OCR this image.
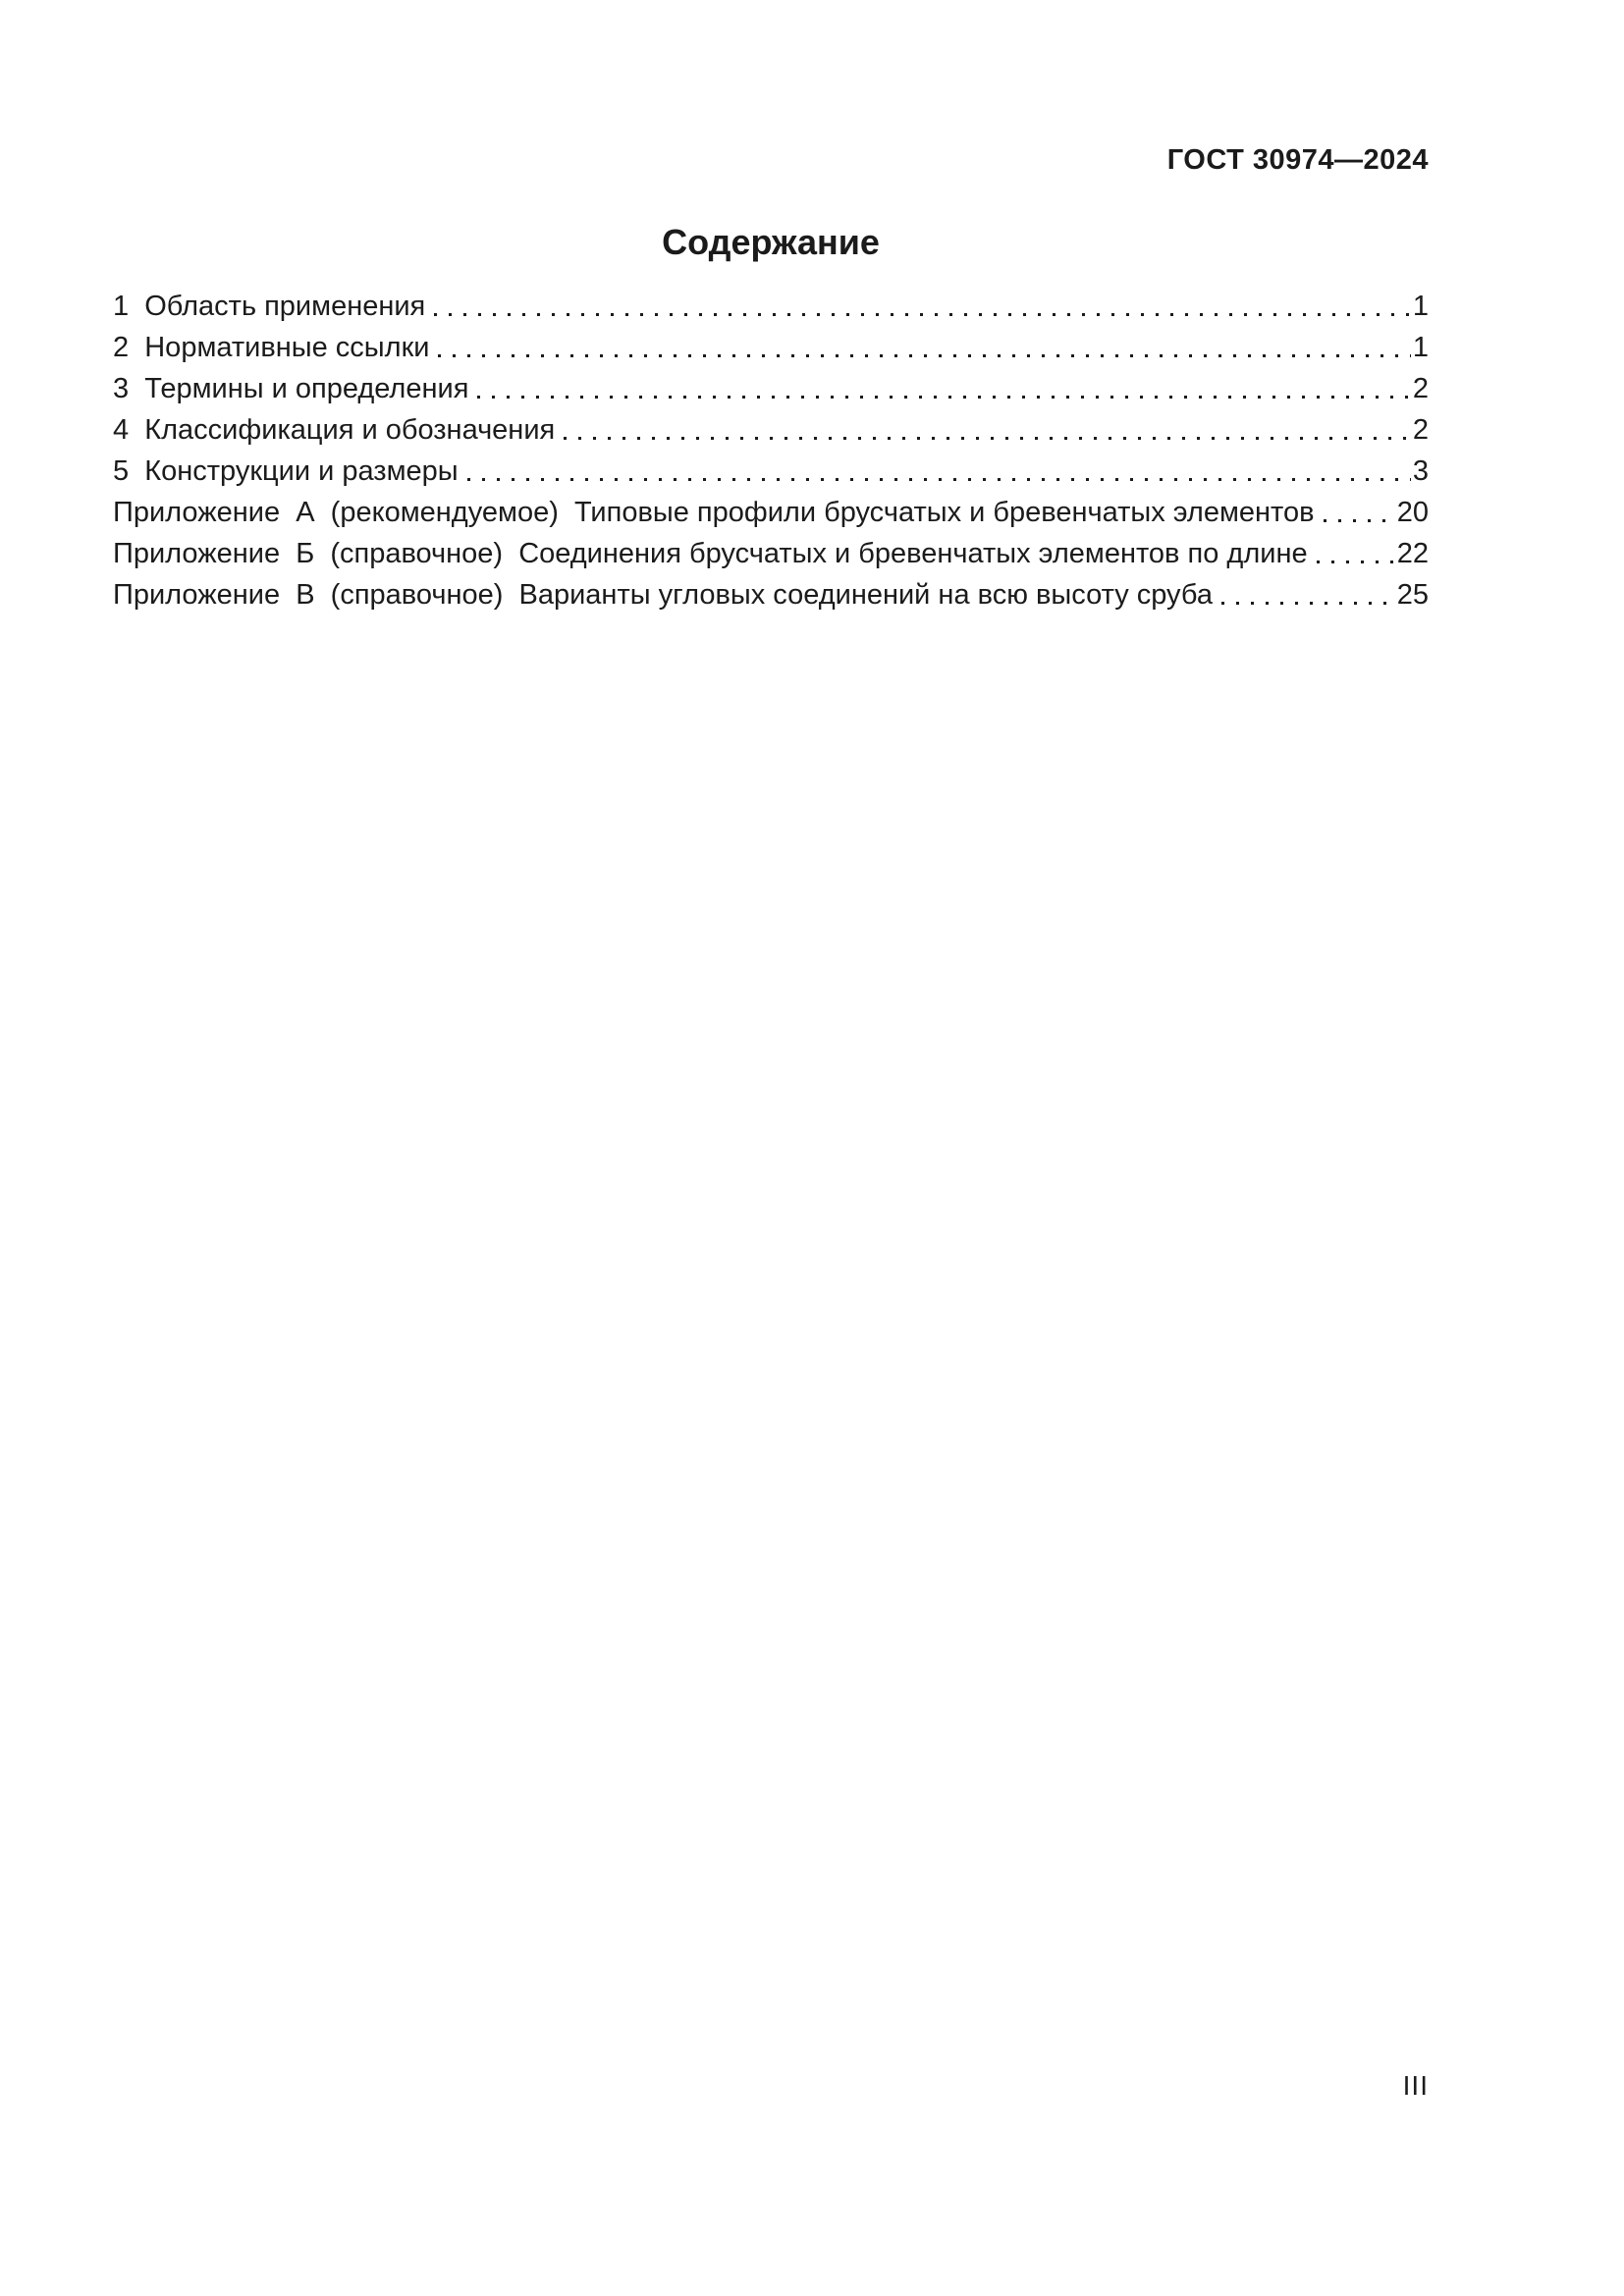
ГОСТ 30974—2024
Содержание
1  Область применения	1
2  Нормативные ссылки	1
3  Термины и определения	2
4  Классификация и обозначения	2
5  Конструкции и размеры	3
Приложение  А  (рекомендуемое)  Типовые профили брусчатых и бревенчатых элементов	20
Приложение  Б  (справочное)  Соединения брусчатых и бревенчатых элементов по длине	22
Приложение  В  (справочное)  Варианты угловых соединений на всю высоту сруба	25
III
